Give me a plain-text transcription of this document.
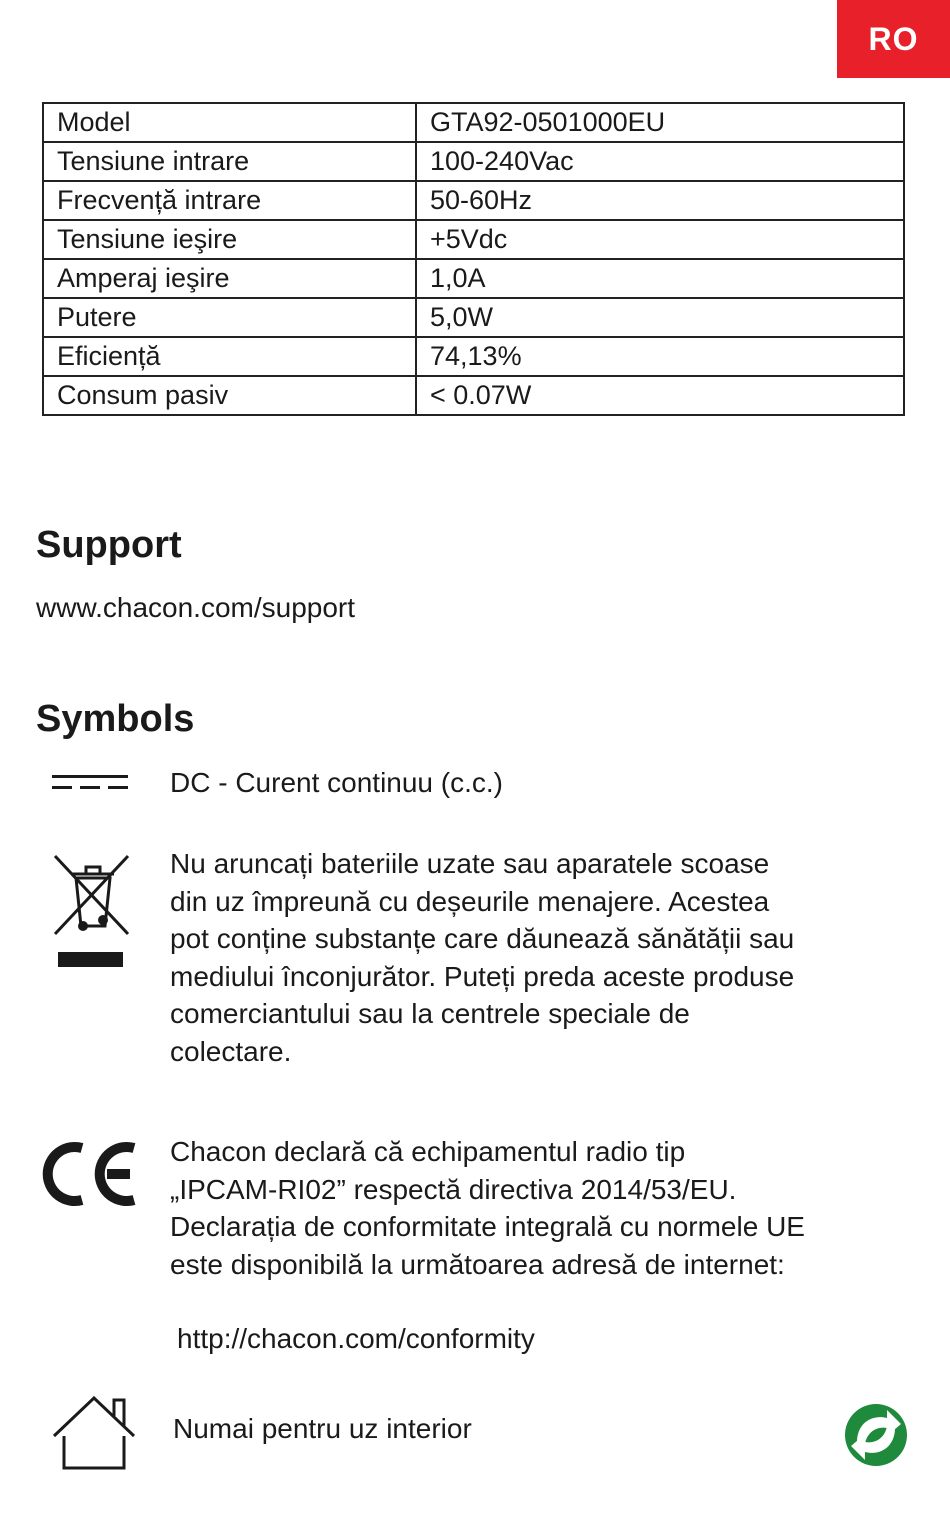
RO
Model	GTA92-0501000EU
Tensiune intrare	100-240Vac
Frecvență intrare	50-60Hz
Tensiune ieşire	+5Vdc
Amperaj ieşire	1,0A
Putere	5,0W
Eficiență	74,13%
Consum pasiv	< 0.07W
Support
www.chacon.com/support
Symbols
DC - Curent continuu (c.c.)
Nu aruncați bateriile uzate sau aparatele scoase
din uz împreună cu deșeurile menajere. Acestea
pot conține substanțe care dăunează sănătății sau
mediului înconjurător. Puteți preda aceste produse
comerciantului sau la centrele speciale de
colectare.
Chacon declară că echipamentul radio tip
„IPCAM-RI02” respectă directiva 2014/53/EU.
Declarația de conformitate integrală cu normele UE
este disponibilă la următoarea adresă de internet:
http://chacon.com/conformity
Numai pentru uz interior
